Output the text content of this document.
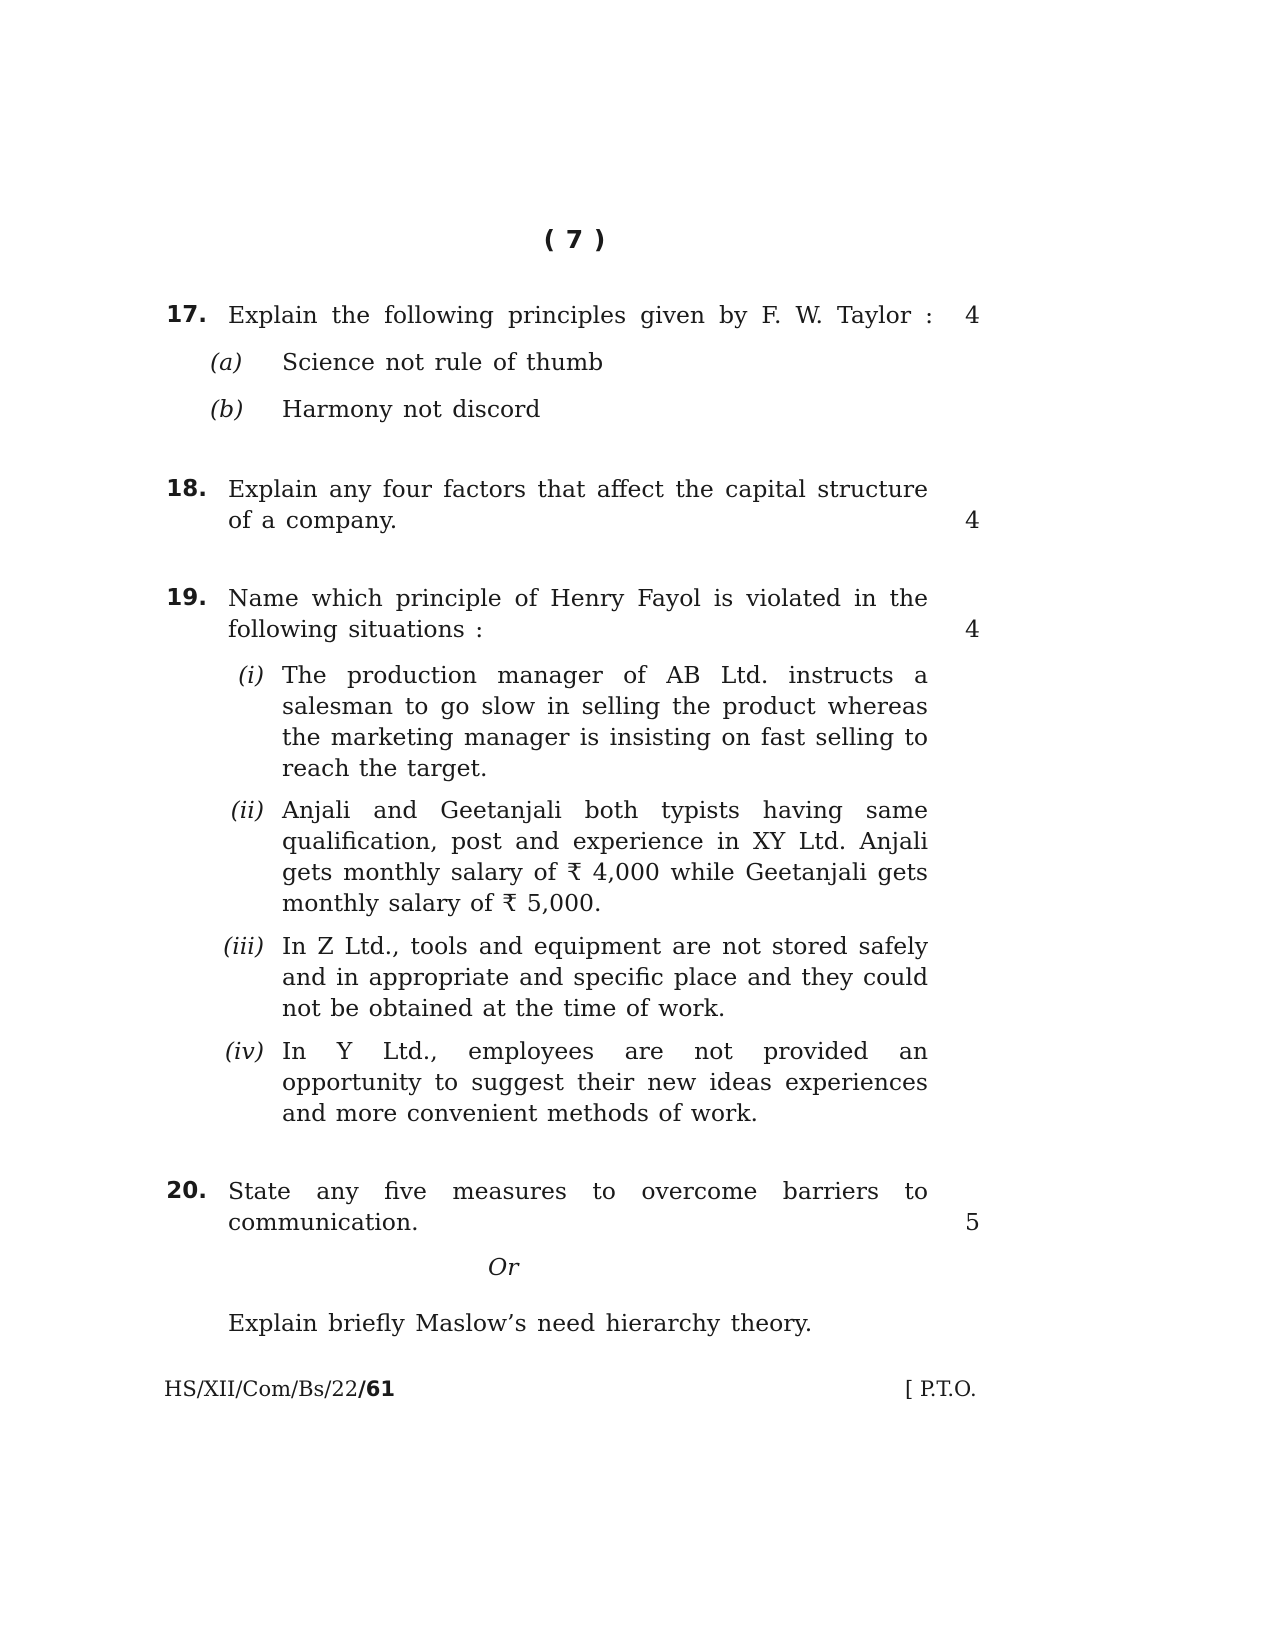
( 7 )
17. Explain the following principles given by F. W. Taylor : 4
(a)	Science not rule of thumb
(b) Harmony not discord
18. Explain any four factors that affect the capital structure
of a company.	4
19. Name which principle of Henry Fayol is violated in the
following situations :	4
(i) The production manager of AB Ltd. instructs a
salesman to go slow in selling the product whereas
the marketing manager is insisting on fast selling to
reach the target.
(ii) Anjali and Geetanjali both typists having same
qualification, post and experience in XY Ltd. Anjali
gets monthly salary of ₹ 4,000 while Geetanjali gets
monthly salary of ₹ 5,000.
(iii) In Z Ltd., tools and equipment are not stored safely
and in appropriate and specific place and they could
not be obtained at the time of work.
(iv) In Y Ltd., employees are not provided an
opportunity to suggest their new ideas experiences
and more convenient methods of work.
20. State any five measures to overcome barriers to
communication.	5
Or
Explain briefly Maslow’s need hierarchy theory.
HS/XII/Com/Bs/22/61	[ P.T.O.
